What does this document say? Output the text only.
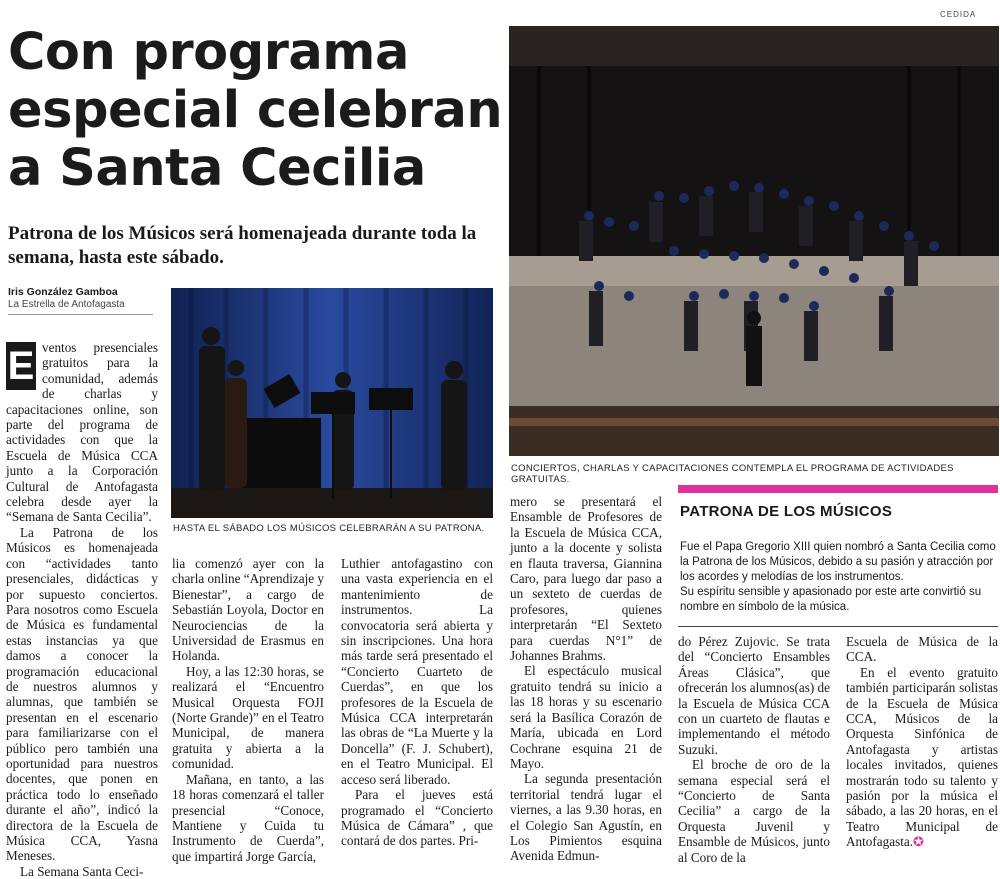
CEDIDA
Con programa
especial celebran
a Santa Cecilia

Patrona de los Músicos será homenajeada durante toda la semana, hasta este sábado.

Iris González Gamboa
La Estrella de Antofagasta
HASTA EL SÁBADO LOS MÚSICOS CELEBRARÁN A SU PATRONA.
CONCIERTOS, CHARLAS Y CAPACITACIONES CONTEMPLA EL PROGRAMA DE ACTIVIDADES GRATUITAS.

E ventos presenciales gratuitos para la comunidad, además de charlas y capacitaciones online, son parte del programa de actividades con que la Escuela de Música CCA junto a la Corporación Cultural de Antofagasta celebra desde ayer la “Semana de Santa Cecilia”.

La Patrona de los Músicos es homenajeada con “actividades tanto presenciales, didácticas y por supuesto conciertos. Para nosotros como Escuela de Música es fundamental estas instancias ya que damos a conocer la programación educacional de nuestros alumnos y alumnas, que también se presentan en el escenario para familiarizarse con el público pero también una oportunidad para nuestros docentes, que ponen en práctica todo lo enseñado durante el año”, indicó la directora de la Escuela de Música CCA, Yasna Meneses.

La Semana Santa Ceci-

lia comenzó ayer con la charla online “Aprendizaje y Bienestar”, a cargo de Sebastián Loyola, Doctor en Neurociencias de la Universidad de Erasmus en Holanda.

Hoy, a las 12:30 horas, se realizará el “Encuentro Musical Orquesta FOJI (Norte Grande)” en el Teatro Municipal, de manera gratuita y abierta a la comunidad.

Mañana, en tanto, a las 18 horas comenzará el taller presencial “Conoce, Mantiene y Cuida tu Instrumento de Cuerda”, que impartirá Jorge García,

Luthier antofagastino con una vasta experiencia en el mantenimiento de instrumentos. La convocatoria será abierta y sin inscripciones. Una hora más tarde será presentado el “Concierto Cuarteto de Cuerdas”, en que los profesores de la Escuela de Música CCA interpretarán las obras de “La Muerte y la Doncella” (F. J. Schubert), en el Teatro Municipal. El acceso será liberado.

Para el jueves está programado el “Concierto Música de Cámara” , que contará de dos partes. Pri-

mero se presentará el Ensamble de Profesores de la Escuela de Música CCA, junto a la docente y solista en flauta traversa, Giannina Caro, para luego dar paso a un sexteto de cuerdas de profesores, quienes interpretarán “El Sexteto para cuerdas N°1” de Johannes Brahms.

El espectáculo musical gratuito tendrá su inicio a las 18 horas y su escenario será la Basílica Corazón de María, ubicada en Lord Cochrane esquina 21 de Mayo.

La segunda presentación territorial tendrá lugar el viernes, a las 9.30 horas, en el Colegio San Agustín, en Los Pimientos esquina Avenida Edmun-

PATRONA DE LOS MÚSICOS

Fue el Papa Gregorio XIII quien nombró a Santa Cecilia como la Patrona de los Músicos, debido a su pasión y atracción por los acordes y melodías de los instrumentos.

Su espíritu sensible y apasionado por este arte convirtió su nombre en símbolo de la música.

do Pérez Zujovic. Se trata del “Concierto Ensambles Áreas Clásica”, que ofrecerán los alumnos(as) de la Escuela de Música CCA con un cuarteto de flautas e implementando el método Suzuki.

El broche de oro de la semana especial será el “Concierto de Santa Cecilia” a cargo de la Orquesta Juvenil y Ensamble de Músicos, junto al Coro de la

Escuela de Música de la CCA.

En el evento gratuito también participarán solistas de la Escuela de Música CCA, Músicos de la Orquesta Sinfónica de Antofagasta y artistas locales invitados, quienes mostrarán todo su talento y pasión por la música el sábado, a las 20 horas, en el Teatro Municipal de Antofagasta.✪
